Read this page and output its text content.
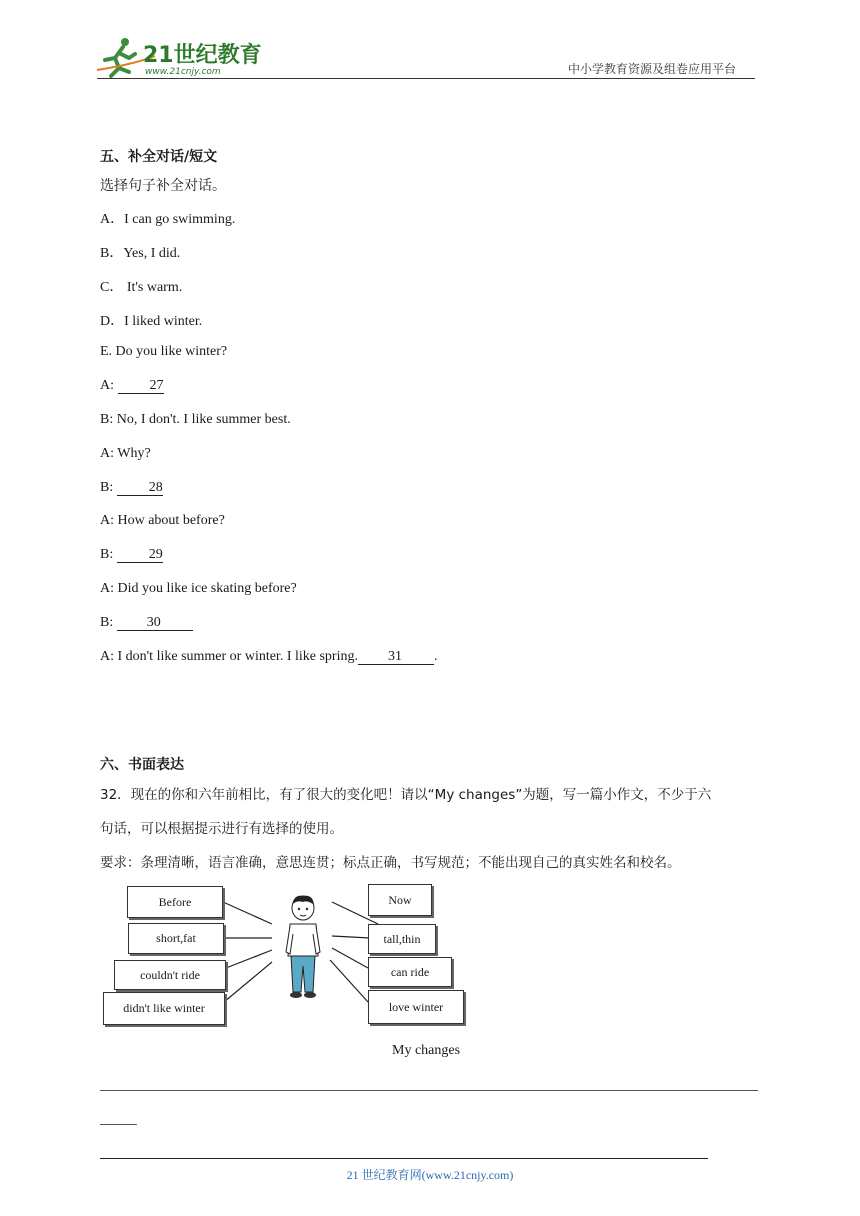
21世纪教育
www.21cnjy.com	中小学教育资源及组卷应用平台
五、补全对话/短文
选择句子补全对话。
A．I can go swimming.
B．Yes, I did.
C． It's warm.
D．I liked winter.
E. Do you like winter?
A:	27
B: No, I don't. I like summer best.
A: Why?
B:	28
A: How about before?
B:	29
A: Did you like ice skating before?
B: 30
A: I don't like summer or winter. I like spring. 31 .
六、书面表达
32．现在的你和六年前相比，有了很大的变化吧！请以“My changes”为题，写一篇小作文，不少于六
句话，可以根据提示进行有选择的使用。
要求：条理清晰，语言准确，意思连贯；标点正确，书写规范；不能出现自己的真实姓名和校名。
Before
short,fat
couldn't ride
didn't like winter
Now
tall,thin
can ride
love winter
My changes
21 世纪教育网(www.21cnjy.com)
